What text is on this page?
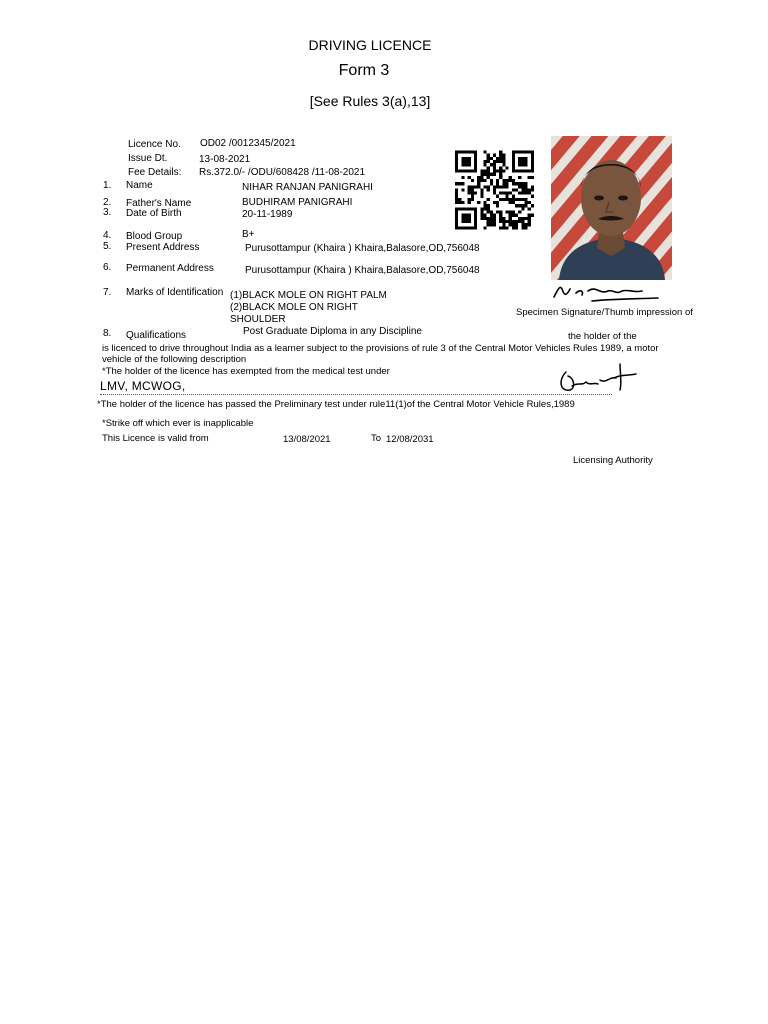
DRIVING LICENCE
Form 3
[See Rules 3(a),13]
Licence No. OD02 /0012345/2021
Issue Dt.	13-08-2021
Fee Details: Rs.372.0/- /ODU/608428 /11-08-2021
1. Name	NIHAR RANJAN PANIGRAHI
2. Father's Name	BUDHIRAM PANIGRAHI
3. Date of Birth	20-11-1989
4. Blood Group	B+
5. Present Address	Purusottampur (Khaira ) Khaira,Balasore,OD,756048
6. Permanent Address	Purusottampur (Khaira ) Khaira,Balasore,OD,756048
7. Marks of Identification (1)BLACK MOLE ON RIGHT PALM
(2)BLACK MOLE ON RIGHT
SHOULDER
8. Qualifications	Post Graduate Diploma in any Discipline
Specimen Signature/Thumb impression of
the holder of the
is licenced to drive throughout India as a learner subject to the provisions of rule 3 of the Central Motor Vehicles Rules 1989, a motor
vehicle of the following description
*The holder of the licence has exempted from the medical test under
LMV, MCWOG,
*The holder of the licence has passed the Preliminary test under rule11(1)of the Central Motor Vehicle Rules,1989
*Strike off which ever is inapplicable
This Licence is valid from	13/08/2021	To 12/08/2031
Licensing Authority
